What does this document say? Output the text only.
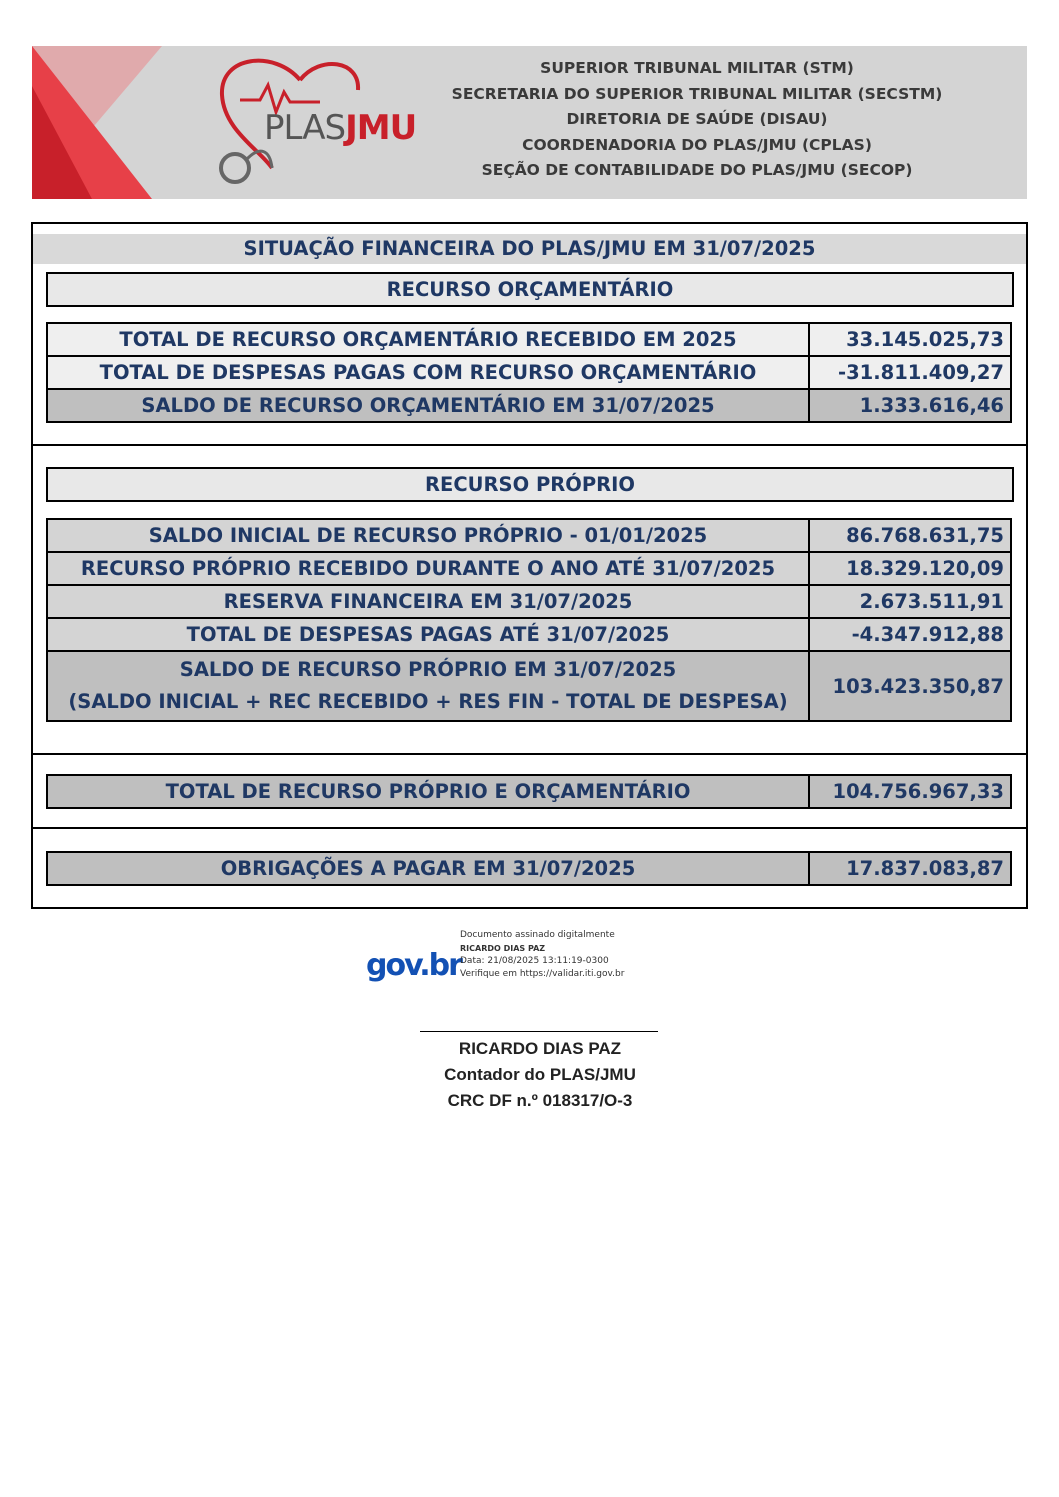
PLASJMU
SUPERIOR TRIBUNAL MILITAR (STM)
SECRETARIA DO SUPERIOR TRIBUNAL MILITAR (SECSTM)
DIRETORIA DE SAÚDE (DISAU)
COORDENADORIA DO PLAS/JMU (CPLAS)
SEÇÃO DE CONTABILIDADE DO PLAS/JMU (SECOP)
SITUAÇÃO FINANCEIRA DO PLAS/JMU EM 31/07/2025
RECURSO ORÇAMENTÁRIO
TOTAL DE RECURSO ORÇAMENTÁRIO RECEBIDO EM 2025	33.145.025,73
TOTAL DE DESPESAS PAGAS COM RECURSO ORÇAMENTÁRIO	-31.811.409,27
SALDO DE RECURSO ORÇAMENTÁRIO EM 31/07/2025	1.333.616,46
RECURSO PRÓPRIO
SALDO INICIAL DE RECURSO PRÓPRIO - 01/01/2025	86.768.631,75
RECURSO PRÓPRIO RECEBIDO DURANTE O ANO ATÉ 31/07/2025	18.329.120,09
RESERVA FINANCEIRA EM 31/07/2025	2.673.511,91
TOTAL DE DESPESAS PAGAS ATÉ 31/07/2025	-4.347.912,88

SALDO DE RECURSO PRÓPRIO EM 31/07/2025
(SALDO INICIAL + REC RECEBIDO + RES FIN - TOTAL DE DESPESA)	103.423.350,87
TOTAL DE RECURSO PRÓPRIO E ORÇAMENTÁRIO	104.756.967,33
OBRIGAÇÕES A PAGAR EM 31/07/2025	17.837.083,87
gov.br
Documento assinado digitalmente
RICARDO DIAS PAZ
Data: 21/08/2025 13:11:19-0300
Verifique em https://validar.iti.gov.br
RICARDO DIAS PAZ
Contador do PLAS/JMU
CRC DF n.º 018317/O-3
